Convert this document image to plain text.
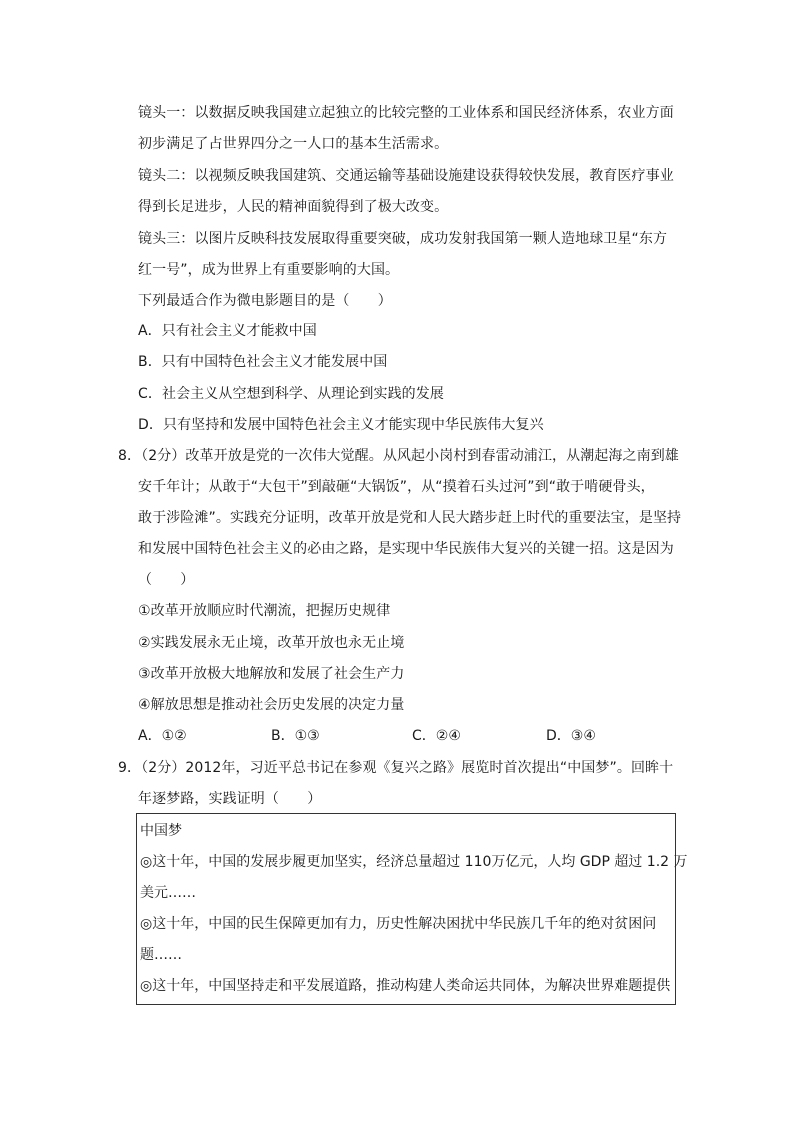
镜头一：以数据反映我国建立起独立的比较完整的工业体系和国民经济体系，农业方面
初步满足了占世界四分之一人口的基本生活需求。
镜头二：以视频反映我国建筑、交通运输等基础设施建设获得较快发展，教育医疗事业
得到长足进步，人民的精神面貌得到了极大改变。
镜头三：以图片反映科技发展取得重要突破，成功发射我国第一颗人造地球卫星“东方
红一号”，成为世界上有重要影响的大国。
下列最适合作为微电影题目的是（　　）
A．只有社会主义才能救中国
B．只有中国特色社会主义才能发展中国
C．社会主义从空想到科学、从理论到实践的发展
D．只有坚持和发展中国特色社会主义才能实现中华民族伟大复兴
8．（2分）改革开放是党的一次伟大觉醒。从风起小岗村到春雷动浦江，从潮起海之南到雄
安千年计；从敢于“大包干”到敲砸“大锅饭”，从“摸着石头过河”到“敢于啃硬骨头，
敢于涉险滩”。实践充分证明，改革开放是党和人民大踏步赶上时代的重要法宝，是坚持
和发展中国特色社会主义的必由之路，是实现中华民族伟大复兴的关键一招。这是因为
（　　）
①改革开放顺应时代潮流，把握历史规律
②实践发展永无止境，改革开放也永无止境
③改革开放极大地解放和发展了社会生产力
④解放思想是推动社会历史发展的决定力量
A．①②	B．①③	C．②④	D．③④
9．（2分）2012年，习近平总书记在参观《复兴之路》展览时首次提出“中国梦”。回眸十
年逐梦路，实践证明（　　）
中国梦
◎这十年，中国的发展步履更加坚实，经济总量超过 110万亿元，人均 GDP 超过 1.2 万
美元……
◎这十年，中国的民生保障更加有力，历史性解决困扰中华民族几千年的绝对贫困问
题……
◎这十年，中国坚持走和平发展道路，推动构建人类命运共同体，为解决世界难题提供
